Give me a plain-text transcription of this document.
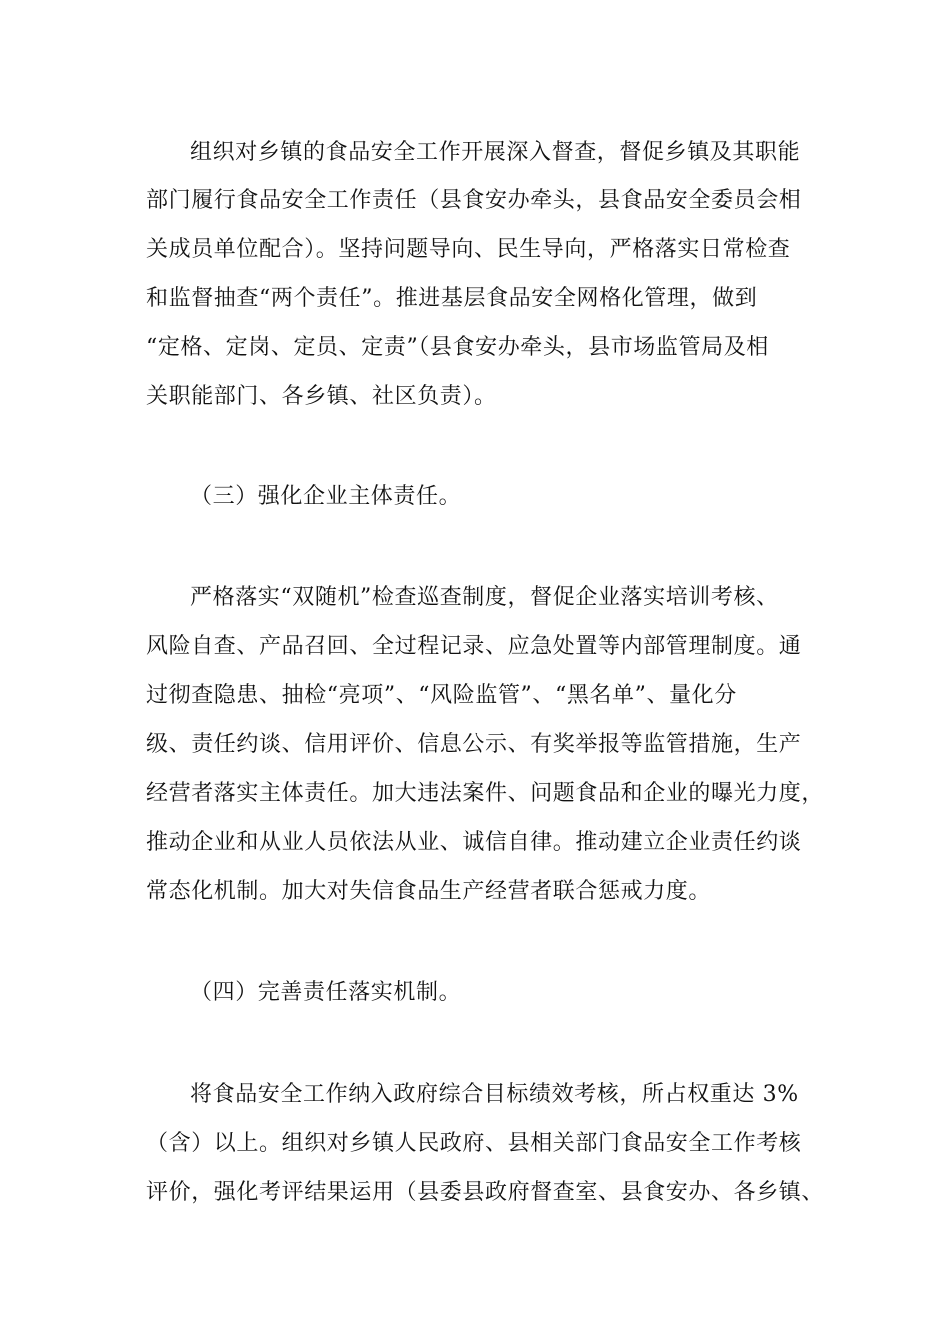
组织对乡镇的食品安全工作开展深入督查，督促乡镇及其职能
部门履行食品安全工作责任（县食安办牵头，县食品安全委员会相
关成员单位配合）。坚持问题导向、民生导向，严格落实日常检查
和监督抽查“两个责任”。推进基层食品安全网格化管理，做到
“定格、定岗、定员、定责”（县食安办牵头，县市场监管局及相
关职能部门、各乡镇、社区负责）。
（三）强化企业主体责任。
严格落实“双随机”检查巡查制度，督促企业落实培训考核、
风险自查、产品召回、全过程记录、应急处置等内部管理制度。通
过彻查隐患、抽检“亮项”、“风险监管”、“黑名单”、量化分
级、责任约谈、信用评价、信息公示、有奖举报等监管措施，生产
经营者落实主体责任。加大违法案件、问题食品和企业的曝光力度，
推动企业和从业人员依法从业、诚信自律。推动建立企业责任约谈
常态化机制。加大对失信食品生产经营者联合惩戒力度。
（四）完善责任落实机制。
将食品安全工作纳入政府综合目标绩效考核，所占权重达 3%
（含）以上。组织对乡镇人民政府、县相关部门食品安全工作考核
评价，强化考评结果运用（县委县政府督查室、县食安办、各乡镇、
